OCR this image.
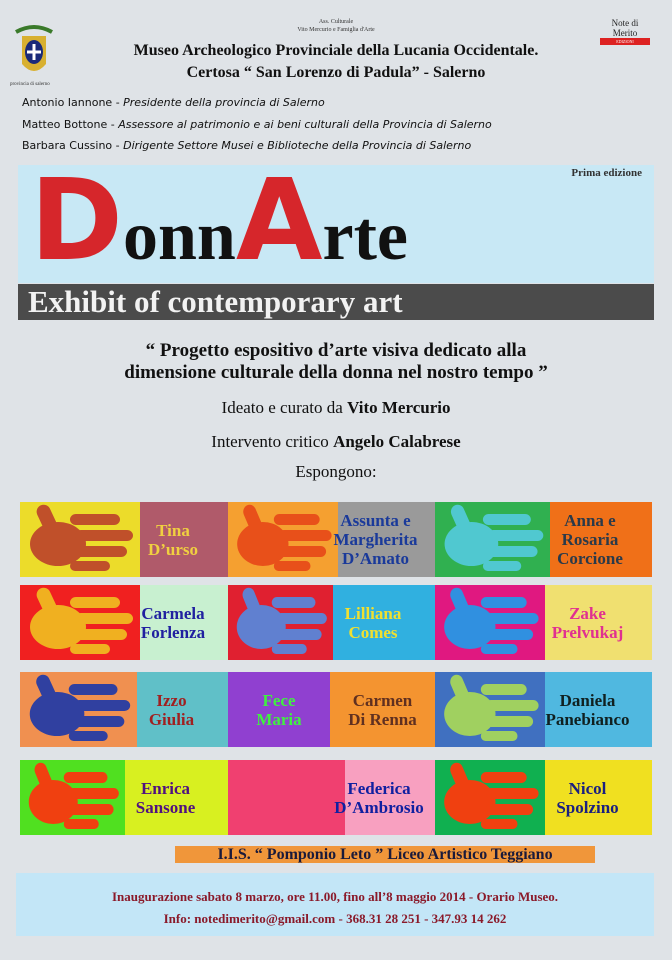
provincia di salerno
Ass. Culturale
Vito Mercurio e Famiglia d'Arte
Note di Merito
EDIZIONI
Museo Archeologico Provinciale della Lucania Occidentale.
Certosa “ San Lorenzo di Padula” - Salerno
Antonio Iannone - Presidente della provincia di Salerno
Matteo Bottone - Assessore al patrimonio e ai beni culturali della Provincia di Salerno
Barbara Cussino - Dirigente Settore Musei e Biblioteche della Provincia di Salerno
Prima edizione
D onn A rte
Exhibit of contemporary art
“ Progetto espositivo d’arte visiva dedicato alla
dimensione culturale della donna nel nostro tempo ”
Ideato e curato da Vito Mercurio
Intervento critico Angelo Calabrese
Espongono:
Tina
D’urso
Assunta e
Margherita
D’Amato
Anna e
Rosaria
Corcione
Carmela
Forlenza
Lilliana
Comes
Zake
Prelvukaj
Izzo
Giulia
Fece
Maria
Carmen
Di Renna
Daniela
Panebianco
Enrica
Sansone
Federica
D’Ambrosio
Nicol
Spolzino
I.I.S. “ Pomponio Leto ” Liceo Artistico Teggiano
Inaugurazione sabato 8 marzo, ore 11.00, fino all’8 maggio 2014 - Orario Museo.
Info: notedimerito@gmail.com - 368.31 28 251 - 347.93 14 262
